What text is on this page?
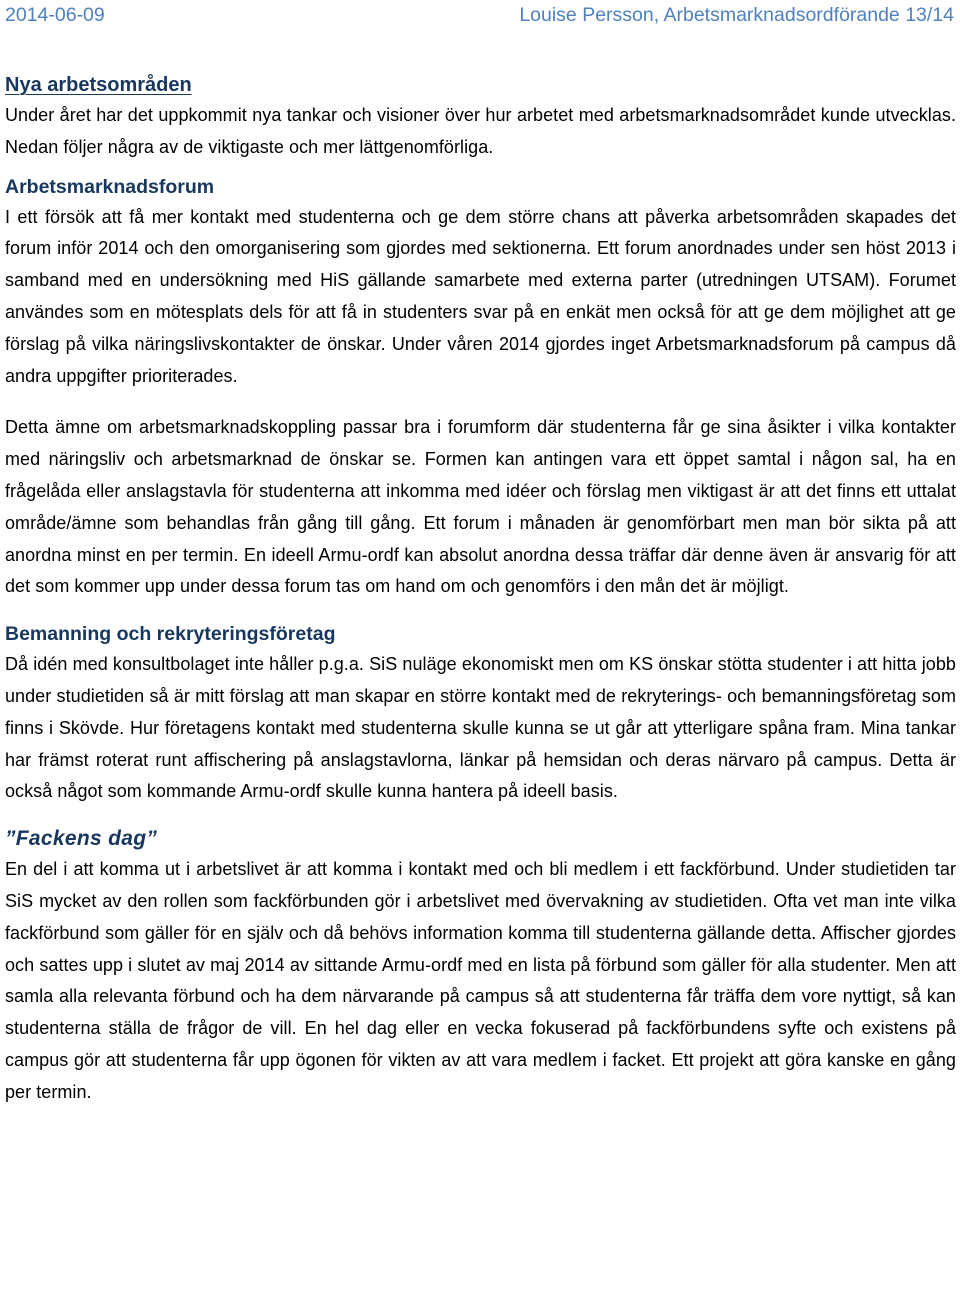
2014-06-09	Louise Persson, Arbetsmarknadsordförande 13/14
Nya arbetsområden

Under året har det uppkommit nya tankar och visioner över hur arbetet med arbetsmarknadsområdet kunde utvecklas. Nedan följer några av de viktigaste och mer lättgenomförliga.

Arbetsmarknadsforum

I ett försök att få mer kontakt med studenterna och ge dem större chans att påverka arbetsområden skapades det forum inför 2014 och den omorganisering som gjordes med sektionerna. Ett forum anordnades under sen höst 2013 i samband med en undersökning med HiS gällande samarbete med externa parter (utredningen UTSAM). Forumet användes som en mötesplats dels för att få in studenters svar på en enkät men också för att ge dem möjlighet att ge förslag på vilka näringslivskontakter de önskar. Under våren 2014 gjordes inget Arbetsmarknadsforum på campus då andra uppgifter prioriterades.

Detta ämne om arbetsmarknadskoppling passar bra i forumform där studenterna får ge sina åsikter i vilka kontakter med näringsliv och arbetsmarknad de önskar se. Formen kan antingen vara ett öppet samtal i någon sal, ha en frågelåda eller anslagstavla för studenterna att inkomma med idéer och förslag men viktigast är att det finns ett uttalat område/ämne som behandlas från gång till gång. Ett forum i månaden är genomförbart men man bör sikta på att anordna minst en per termin. En ideell Armu-ordf kan absolut anordna dessa träffar där denne även är ansvarig för att det som kommer upp under dessa forum tas om hand om och genomförs i den mån det är möjligt.

Bemanning och rekryteringsföretag

Då idén med konsultbolaget inte håller p.g.a. SiS nuläge ekonomiskt men om KS önskar stötta studenter i att hitta jobb under studietiden så är mitt förslag att man skapar en större kontakt med de rekryterings- och bemanningsföretag som finns i Skövde. Hur företagens kontakt med studenterna skulle kunna se ut går att ytterligare spåna fram. Mina tankar har främst roterat runt affischering på anslagstavlorna, länkar på hemsidan och deras närvaro på campus. Detta är också något som kommande Armu-ordf skulle kunna hantera på ideell basis.

”Fackens dag”

En del i att komma ut i arbetslivet är att komma i kontakt med och bli medlem i ett fackförbund. Under studietiden tar SiS mycket av den rollen som fackförbunden gör i arbetslivet med övervakning av studietiden. Ofta vet man inte vilka fackförbund som gäller för en själv och då behövs information komma till studenterna gällande detta. Affischer gjordes och sattes upp i slutet av maj 2014 av sittande Armu-ordf med en lista på förbund som gäller för alla studenter. Men att samla alla relevanta förbund och ha dem närvarande på campus så att studenterna får träffa dem vore nyttigt, så kan studenterna ställa de frågor de vill. En hel dag eller en vecka fokuserad på fackförbundens syfte och existens på campus gör att studenterna får upp ögonen för vikten av att vara medlem i facket. Ett projekt att göra kanske en gång per termin.
